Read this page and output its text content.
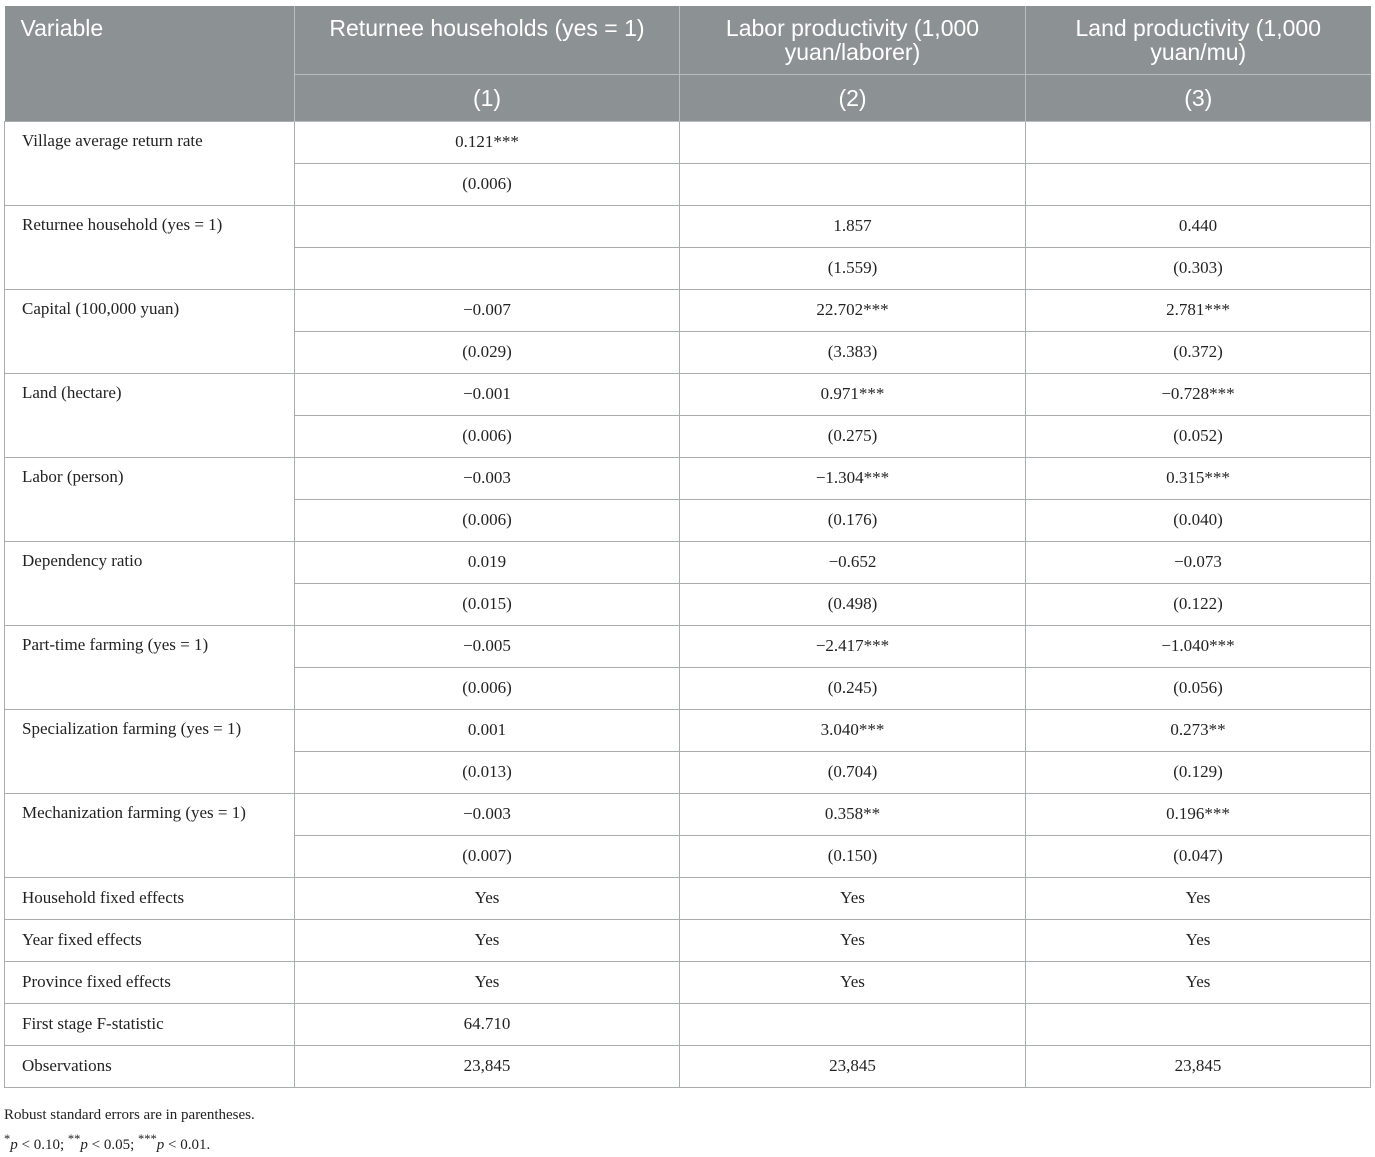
Variable	Returnee households (yes = 1)	Labor productivity (1,000 yuan/laborer)	Land productivity (1,000 yuan/mu)
	(1)	(2)	(3)
Village average return rate	0.121***		
	(0.006)		
Returnee household (yes = 1)		1.857	0.440
		(1.559)	(0.303)
Capital (100,000 yuan)	−0.007	22.702***	2.781***
	(0.029)	(3.383)	(0.372)
Land (hectare)	−0.001	0.971***	−0.728***
	(0.006)	(0.275)	(0.052)
Labor (person)	−0.003	−1.304***	0.315***
	(0.006)	(0.176)	(0.040)
Dependency ratio	0.019	−0.652	−0.073
	(0.015)	(0.498)	(0.122)
Part-time farming (yes = 1)	−0.005	−2.417***	−1.040***
	(0.006)	(0.245)	(0.056)
Specialization farming (yes = 1)	0.001	3.040***	0.273**
	(0.013)	(0.704)	(0.129)
Mechanization farming (yes = 1)	−0.003	0.358**	0.196***
	(0.007)	(0.150)	(0.047)
Household fixed effects	Yes	Yes	Yes
Year fixed effects	Yes	Yes	Yes
Province fixed effects	Yes	Yes	Yes
First stage F-statistic	64.710		
Observations	23,845	23,845	23,845
Robust standard errors are in parentheses.
*p < 0.10; **p < 0.05; ***p < 0.01.
